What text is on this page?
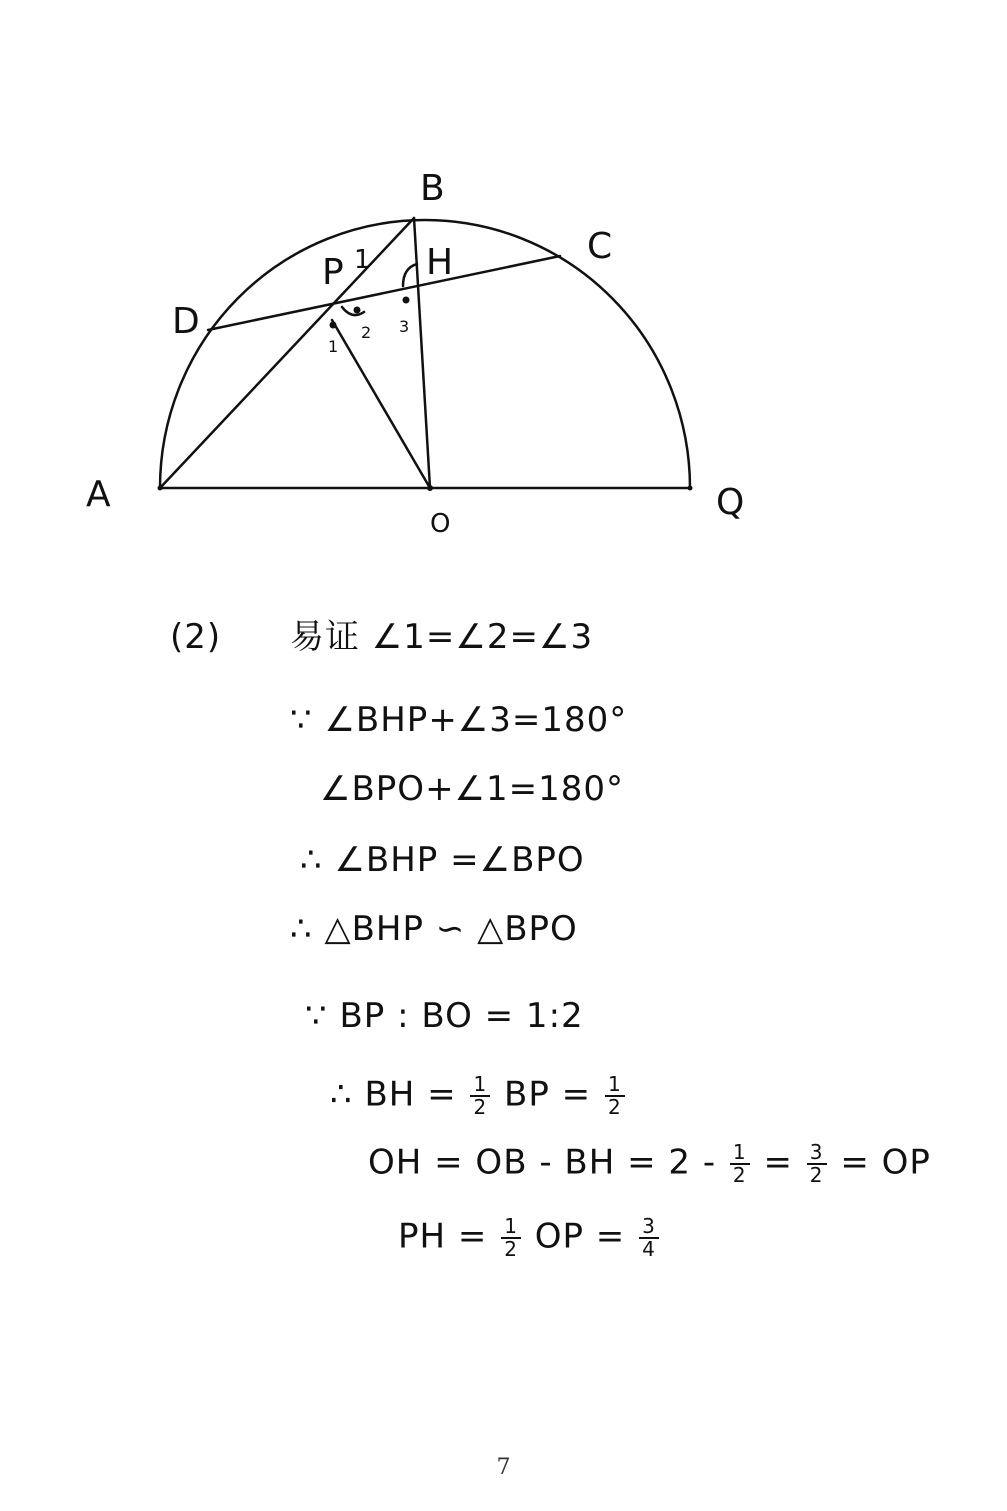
B
C
D
A	Q
O
P H
1
1
2 3
(2) 易证 ∠1=∠2=∠3
∵ ∠BHP+∠3=180°
∠BPO+∠1=180°
∴ ∠BHP =∠BPO
∴ △BHP ∽ △BPO
∵ BP : BO = 1:2
∴ BH = $\frac{1}{2}$ BP = $\frac{1}{2}$
OH = OB - BH = $2 - \frac{1}{2} = \frac{3}{2}$ = OP
PH = $\frac{1}{2}$ OP = $\frac{3}{4}$
7
